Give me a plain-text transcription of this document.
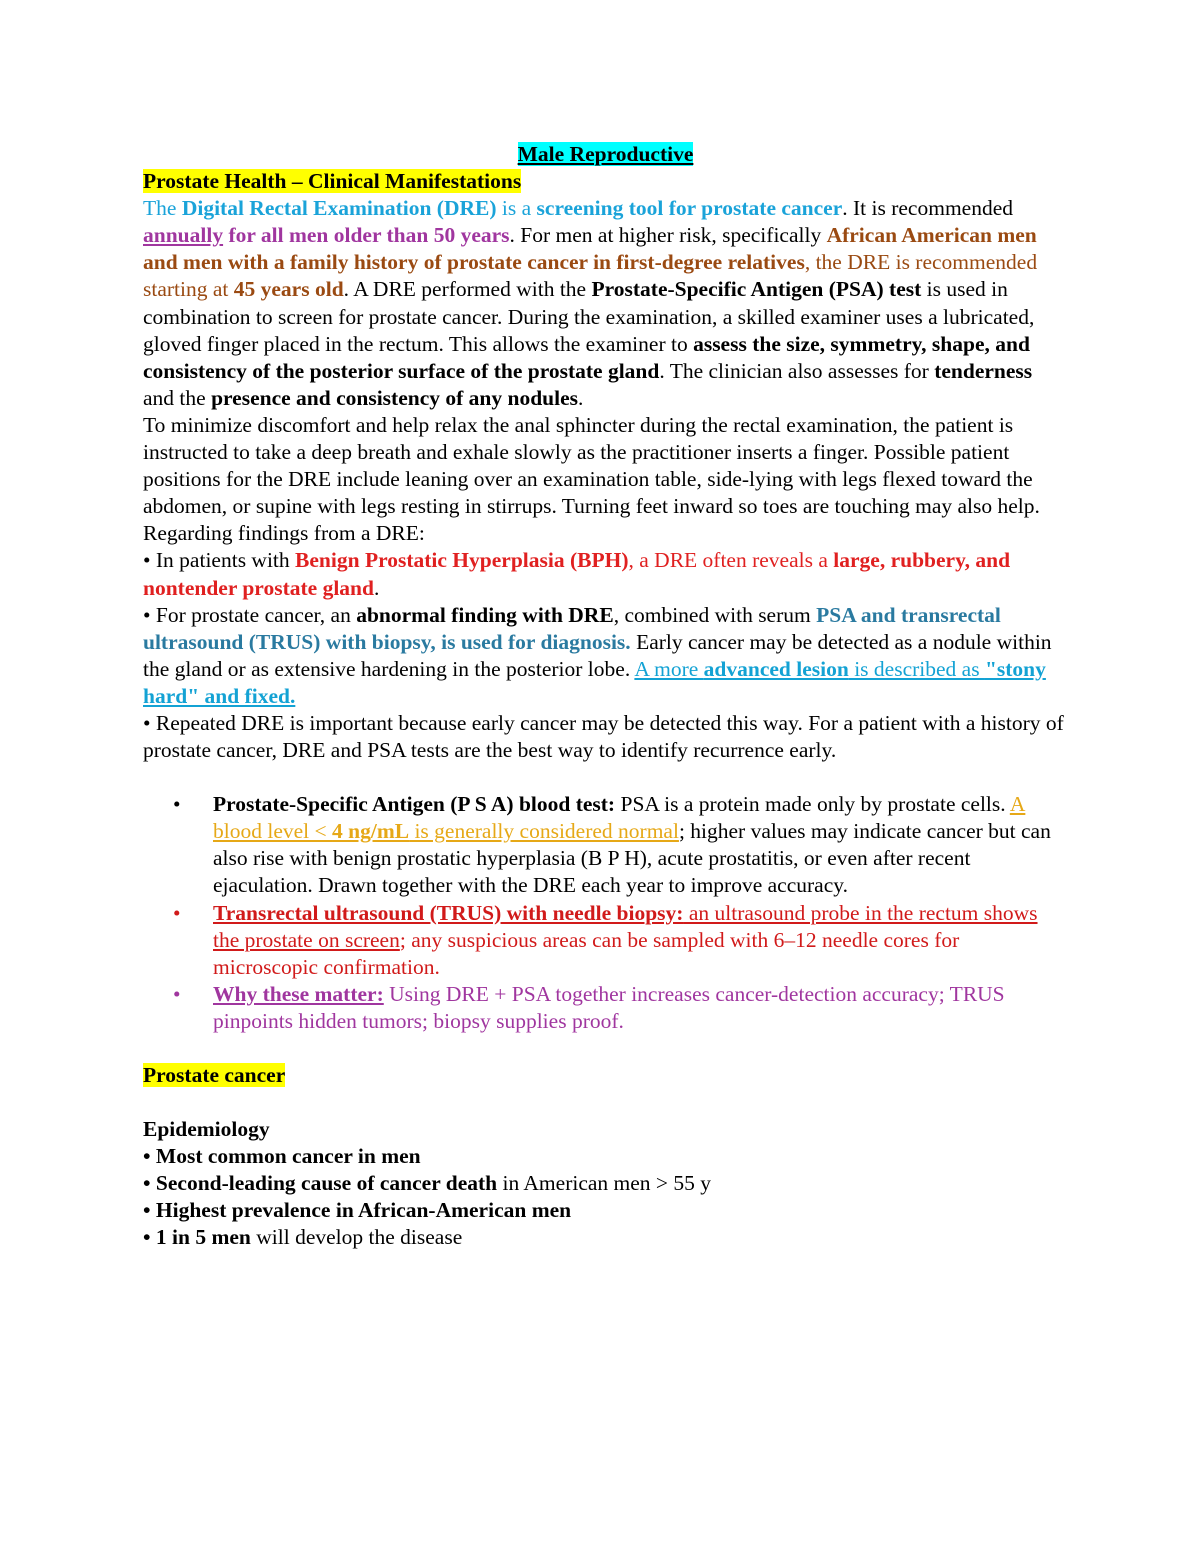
Male Reproductive

Prostate Health – Clinical Manifestations

The Digital Rectal Examination (DRE) is a screening tool for prostate cancer. It is recommended annually for all men older than 50 years. For men at higher risk, specifically African American men and men with a family history of prostate cancer in first-degree relatives, the DRE is recommended starting at 45 years old. A DRE performed with the Prostate-Specific Antigen (PSA) test is used in combination to screen for prostate cancer. During the examination, a skilled examiner uses a lubricated, gloved finger placed in the rectum. This allows the examiner to assess the size, symmetry, shape, and consistency of the posterior surface of the prostate gland. The clinician also assesses for tenderness and the presence and consistency of any nodules.

To minimize discomfort and help relax the anal sphincter during the rectal examination, the patient is instructed to take a deep breath and exhale slowly as the practitioner inserts a finger. Possible patient positions for the DRE include leaning over an examination table, side-lying with legs flexed toward the abdomen, or supine with legs resting in stirrups. Turning feet inward so toes are touching may also help.

Regarding findings from a DRE:

• In patients with Benign Prostatic Hyperplasia (BPH), a DRE often reveals a large, rubbery, and nontender prostate gland.

• For prostate cancer, an abnormal finding with DRE, combined with serum PSA and transrectal ultrasound (TRUS) with biopsy, is used for diagnosis. Early cancer may be detected as a nodule within the gland or as extensive hardening in the posterior lobe. A more advanced lesion is described as "stony hard" and fixed.

• Repeated DRE is important because early cancer may be detected this way. For a patient with a history of prostate cancer, DRE and PSA tests are the best way to identify recurrence early.

• Prostate-Specific Antigen (P S A) blood test: PSA is a protein made only by prostate cells. A blood level < 4 ng/mL is generally considered normal; higher values may indicate cancer but can also rise with benign prostatic hyperplasia (B P H), acute prostatitis, or even after recent ejaculation. Drawn together with the DRE each year to improve accuracy.
• Transrectal ultrasound (TRUS) with needle biopsy: an ultrasound probe in the rectum shows the prostate on screen; any suspicious areas can be sampled with 6–12 needle cores for microscopic confirmation.
• Why these matter: Using DRE + PSA together increases cancer-detection accuracy; TRUS pinpoints hidden tumors; biopsy supplies proof.

Prostate cancer

Epidemiology

• Most common cancer in men

• Second-leading cause of cancer death in American men > 55 y

• Highest prevalence in African-American men

• 1 in 5 men will develop the disease
